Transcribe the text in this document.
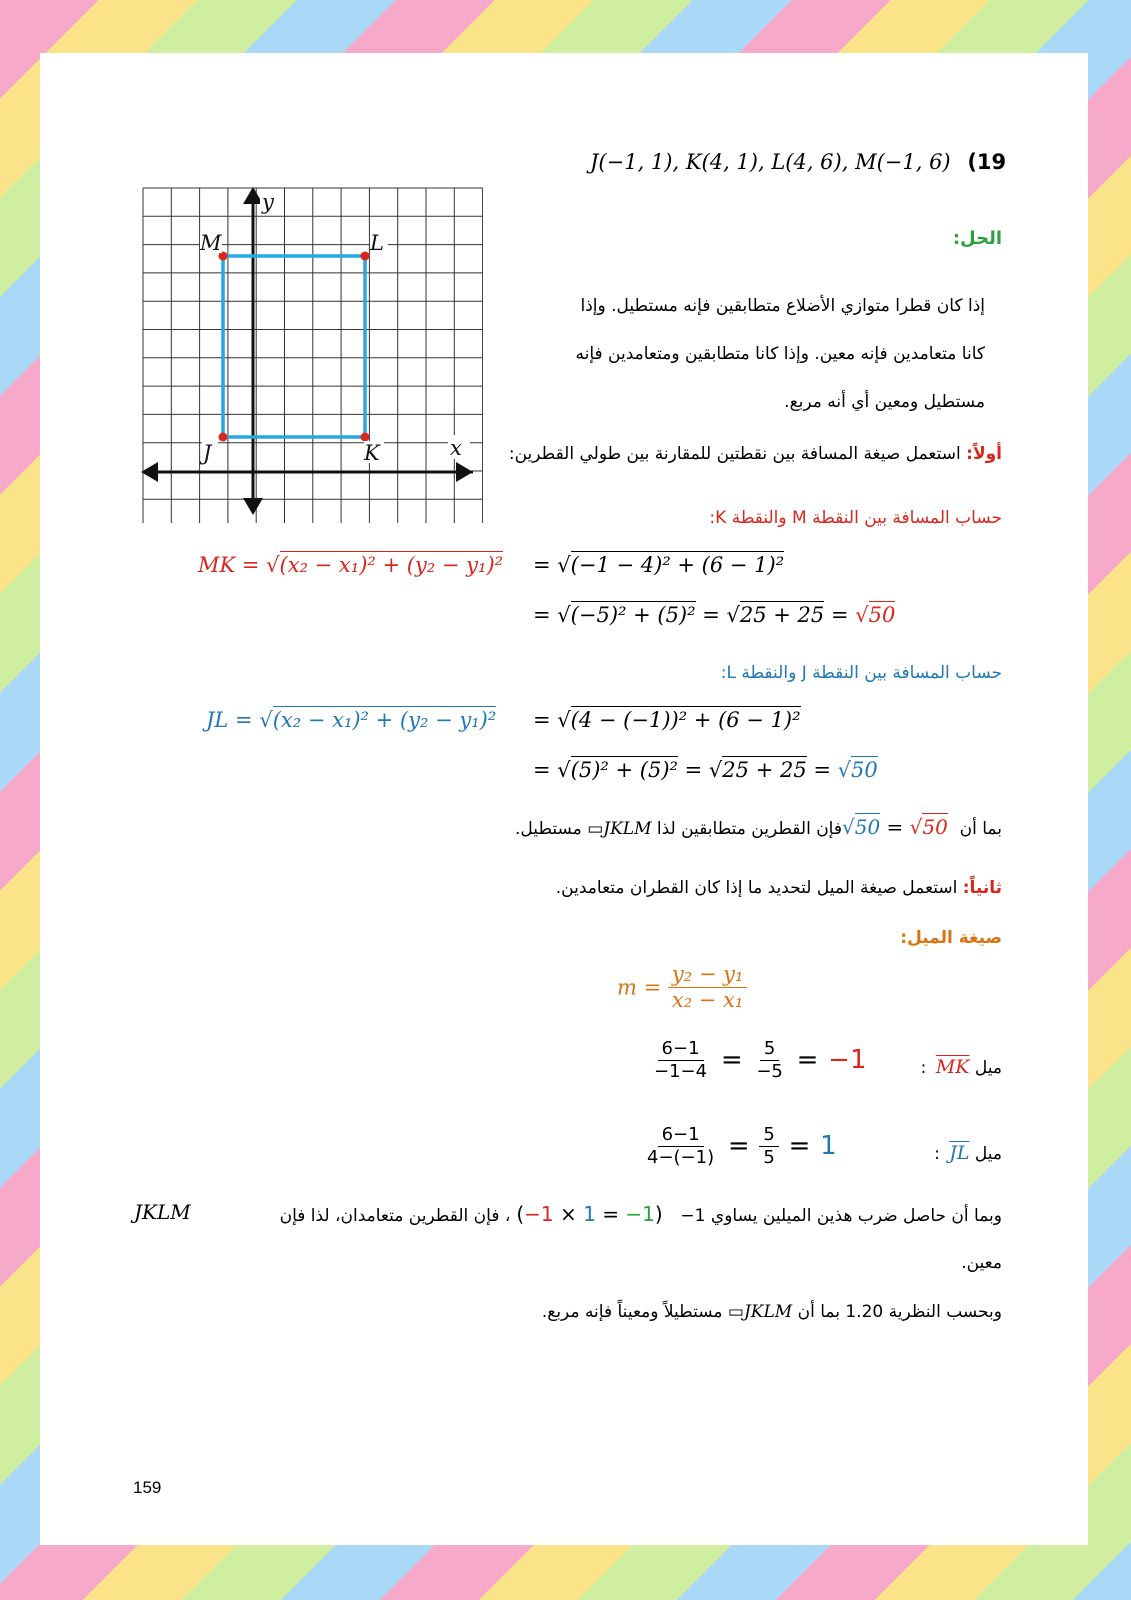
J(−1, 1), K(4, 1), L(4, 6), M(−1, 6) (19
y
x
M	L
J	K
الحل:
إذا كان قطرا متوازي الأضلاع متطابقين فإنه مستطيل. وإذا
كانا متعامدين فإنه معين. وإذا كانا متطابقين ومتعامدين فإنه
مستطيل ومعين أي أنه مربع.
أولاً: استعمل صيغة المسافة بين نقطتين للمقارنة بين طولي القطرين:
حساب المسافة بين النقطة M والنقطة K:
MK = √(x₂ − x₁)² + (y₂ − y₁)² = √(−1 − 4)² + (6 − 1)²
= √(−5)² + (5)² = √25 + 25 = √50
حساب المسافة بين النقطة J والنقطة L:
JL = √(x₂ − x₁)² + (y₂ − y₁)² = √(4 − (−1))² + (6 − 1)²
= √(5)² + (5)² = √25 + 25 = √50
بما أن √50 = √50 فإن القطرين متطابقين لذا ▭JKLM مستطيل.
ثانياً: استعمل صيغة الميل لتحديد ما إذا كان القطران متعامدين.
صيغة الميل:
$m = \frac{\text{y₂ − y₁}}{\text{x₂ − x₁}}$
$\frac{6-1}{-1-4} = \frac{5}{-5} = -1$	ميل MK :
$\frac{6-1}{4-(-1)} = \frac{5}{5} = 1$	ميل JL :
وبما أن حاصل ضرب هذين الميلين يساوي 1− (−1 × 1 = −1) ، فإن القطرين متعامدان، لذا فإن
JKLM
معين.
وبحسب النظرية 1.20 بما أن ▭JKLM مستطيلاً ومعيناً فإنه مربع.
159
